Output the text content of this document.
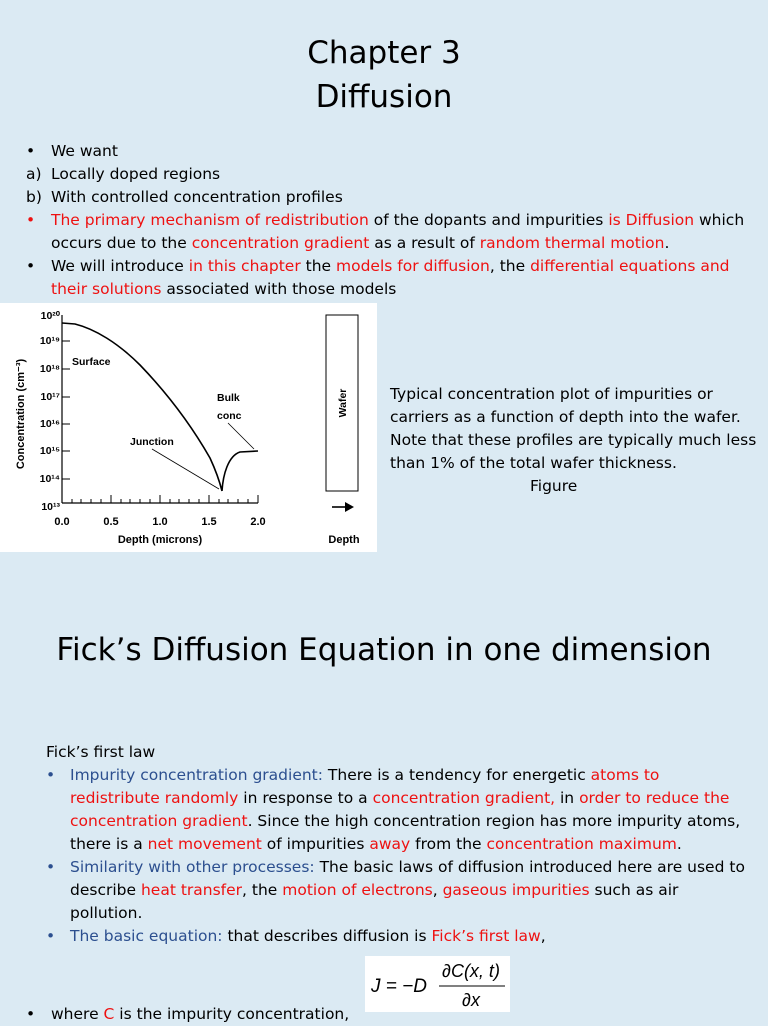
Chapter 3
Diffusion
• We want
a) Locally doped regions
b) With controlled concentration profiles
• The primary mechanism of redistribution of the dopants and impurities is Diffusion which occurs due to the concentration gradient as a result of random thermal motion.
• We will introduce in this chapter the models for diffusion, the differential equations and their solutions associated with those models
Concentration (cm⁻³)
10²⁰
10¹⁹
10¹⁸
10¹⁷
10¹⁶
10¹⁵
10¹⁴
10¹³
0.0	0.5	1.0	1.5	2.0
Depth (microns)
Surface
Bulk
conc
Junction
Wafer
Depth
Typical concentration plot of impurities or carriers as a function of depth into the wafer. Note that these profiles are typically much less than 1% of the total wafer thickness.
Figure
Fick’s Diffusion Equation in one dimension
Fick’s first law
• Impurity concentration gradient: There is a tendency for energetic atoms to redistribute randomly in response to a concentration gradient, in order to reduce the concentration gradient. Since the high concentration region has more impurity atoms, there is a net movement of impurities away from the concentration maximum.
• Similarity with other processes: The basic laws of diffusion introduced here are used to describe heat transfer, the motion of electrons, gaseous impurities such as air pollution.
• The basic equation: that describes diffusion is Fick’s first law,
J = −D
∂C(x, t)
∂x
• where C is the impurity concentration,
